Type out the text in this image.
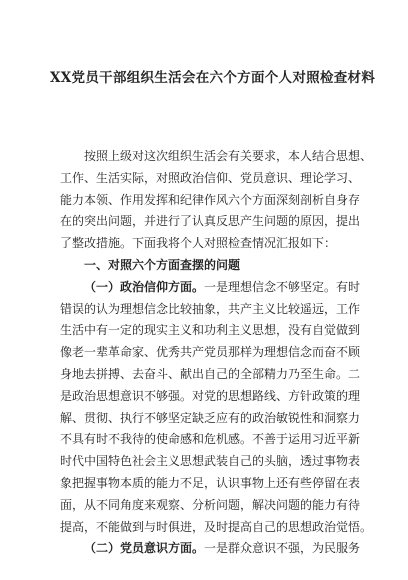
XX党员干部组织生活会在六个方面个人对照检查材料
按照上级对这次组织生活会有关要求，本人结合思想、
工作、生活实际，对照政治信仰、党员意识、理论学习、
能力本领、作用发挥和纪律作风六个方面深刻剖析自身存
在的突出问题，并进行了认真反思产生问题的原因，提出
了整改措施。下面我将个人对照检查情况汇报如下：
一、对照六个方面查摆的问题
（一）政治信仰方面。一是理想信念不够坚定。有时
错误的认为理想信念比较抽象，共产主义比较遥远，工作
生活中有一定的现实主义和功利主义思想，没有自觉做到
像老一辈革命家、优秀共产党员那样为理想信念而奋不顾
身地去拼搏、去奋斗、献出自己的全部精力乃至生命。二
是政治思想意识不够强。对党的思想路线、方针政策的理
解、贯彻、执行不够坚定缺乏应有的政治敏锐性和洞察力
不具有时不我待的使命感和危机感。不善于运用习近平新
时代中国特色社会主义思想武装自己的头脑，透过事物表
象把握事物本质的能力不足，认识事物上还有些停留在表
面，从不同角度来观察、分析问题，解决问题的能力有待
提高，不能做到与时俱进，及时提高自己的思想政治觉悟。
（二）党员意识方面。一是群众意识不强，为民服务
